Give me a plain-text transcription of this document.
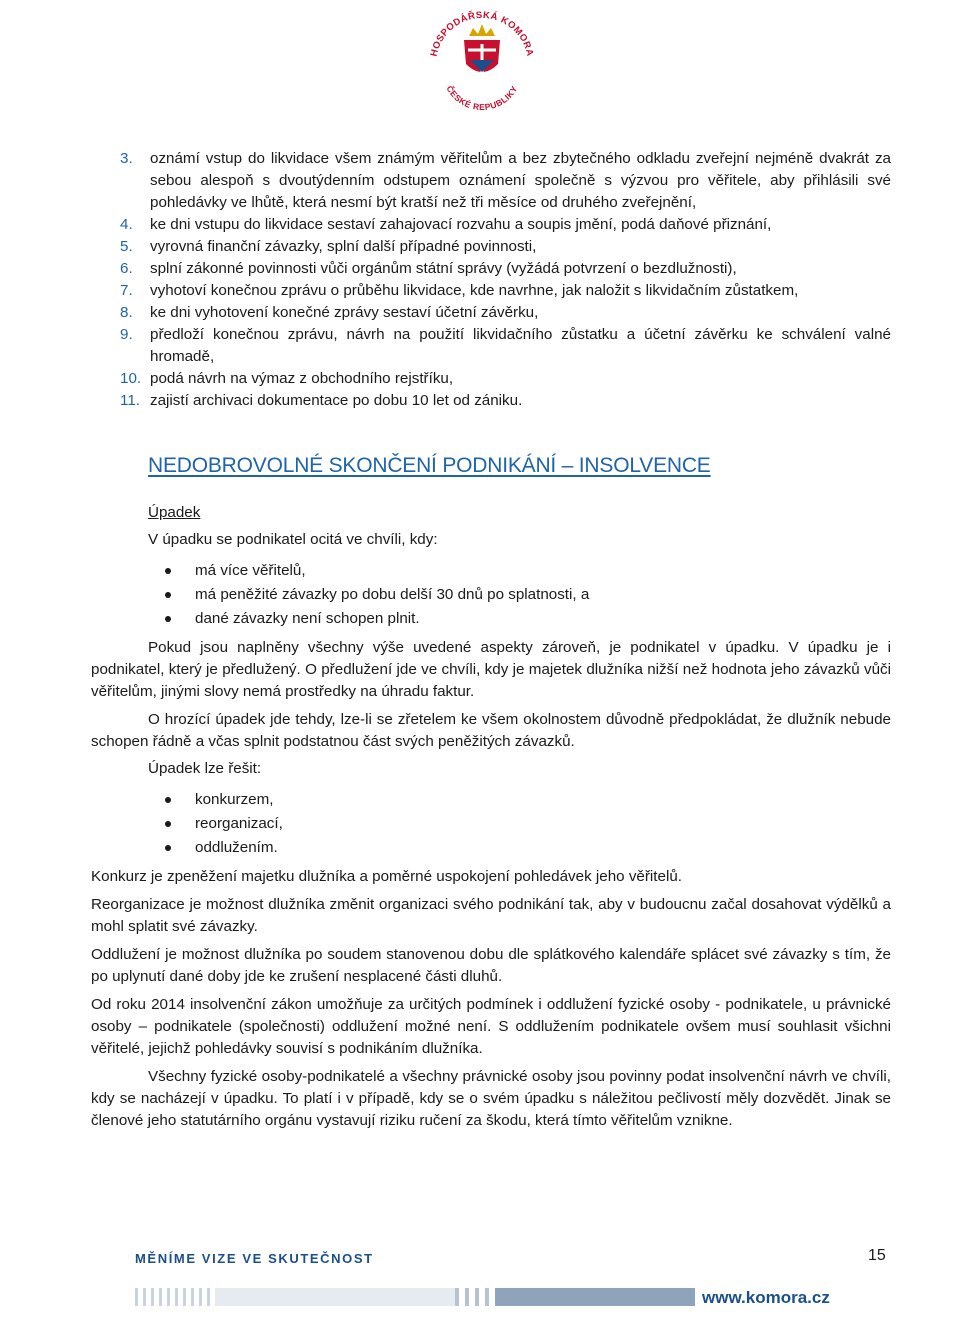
HOSPODÁŘSKÁ KOMORA
ČESKÉ REPUBLIKY
3. oznámí vstup do likvidace všem známým věřitelům a bez zbytečného odkladu zveřejní nejméně dvakrát za sebou alespoň s dvoutýdenním odstupem oznámení společně s výzvou pro věřitele, aby přihlásili své pohledávky ve lhůtě, která nesmí být kratší než tři měsíce od druhého zveřejnění,
4. ke dni vstupu do likvidace sestaví zahajovací rozvahu a soupis jmění, podá daňové přiznání,
5. vyrovná finanční závazky, splní další případné povinnosti,
6. splní zákonné povinnosti vůči orgánům státní správy (vyžádá potvrzení o bezdlužnosti),
7. vyhotoví konečnou zprávu o průběhu likvidace, kde navrhne, jak naložit s likvidačním zůstatkem,
8. ke dni vyhotovení konečné zprávy sestaví účetní závěrku,
9. předloží konečnou zprávu, návrh na použití likvidačního zůstatku a účetní závěrku ke schválení valné hromadě,
10. podá návrh na výmaz z obchodního rejstříku,
11. zajistí archivaci dokumentace po dobu 10 let od zániku.
NEDOBROVOLNÉ SKONČENÍ PODNIKÁNÍ – INSOLVENCE
Úpadek
V úpadku se podnikatel ocitá ve chvíli, kdy:
má více věřitelů,
má peněžité závazky po dobu delší 30 dnů po splatnosti, a
dané závazky není schopen plnit.

Pokud jsou naplněny všechny výše uvedené aspekty zároveň, je podnikatel v úpadku. V úpadku je i podnikatel, který je předlužený. O předlužení jde ve chvíli, kdy je majetek dlužníka nižší než hodnota jeho závazků vůči věřitelům, jinými slovy nemá prostředky na úhradu faktur.

O hrozící úpadek jde tehdy, lze-li se zřetelem ke všem okolnostem důvodně předpokládat, že dlužník nebude schopen řádně a včas splnit podstatnou část svých peněžitých závazků.

Úpadek lze řešit:
konkurzem,
reorganizací,
oddlužením.

Konkurz je zpeněžení majetku dlužníka a poměrné uspokojení pohledávek jeho věřitelů.

Reorganizace je možnost dlužníka změnit organizaci svého podnikání tak, aby v budoucnu začal dosahovat výdělků a mohl splatit své závazky.

Oddlužení je možnost dlužníka po soudem stanovenou dobu dle splátkového kalendáře splácet své závazky s tím, že po uplynutí dané doby jde ke zrušení nesplacené části dluhů.

Od roku 2014 insolvenční zákon umožňuje za určitých podmínek i oddlužení fyzické osoby - podnikatele, u právnické osoby – podnikatele (společnosti) oddlužení možné není. S oddlužením podnikatele ovšem musí souhlasit všichni věřitelé, jejichž pohledávky souvisí s podnikáním dlužníka.

Všechny fyzické osoby-podnikatelé a všechny právnické osoby jsou povinny podat insolvenční návrh ve chvíli, kdy se nacházejí v úpadku. To platí i v případě, kdy se o svém úpadku s náležitou pečlivostí měly dozvědět. Jinak se členové jeho statutárního orgánu vystavují riziku ručení za škodu, která tímto věřitelům vznikne.

MĚNÍME VIZE VE SKUTEČNOST	15
www.komora.cz
